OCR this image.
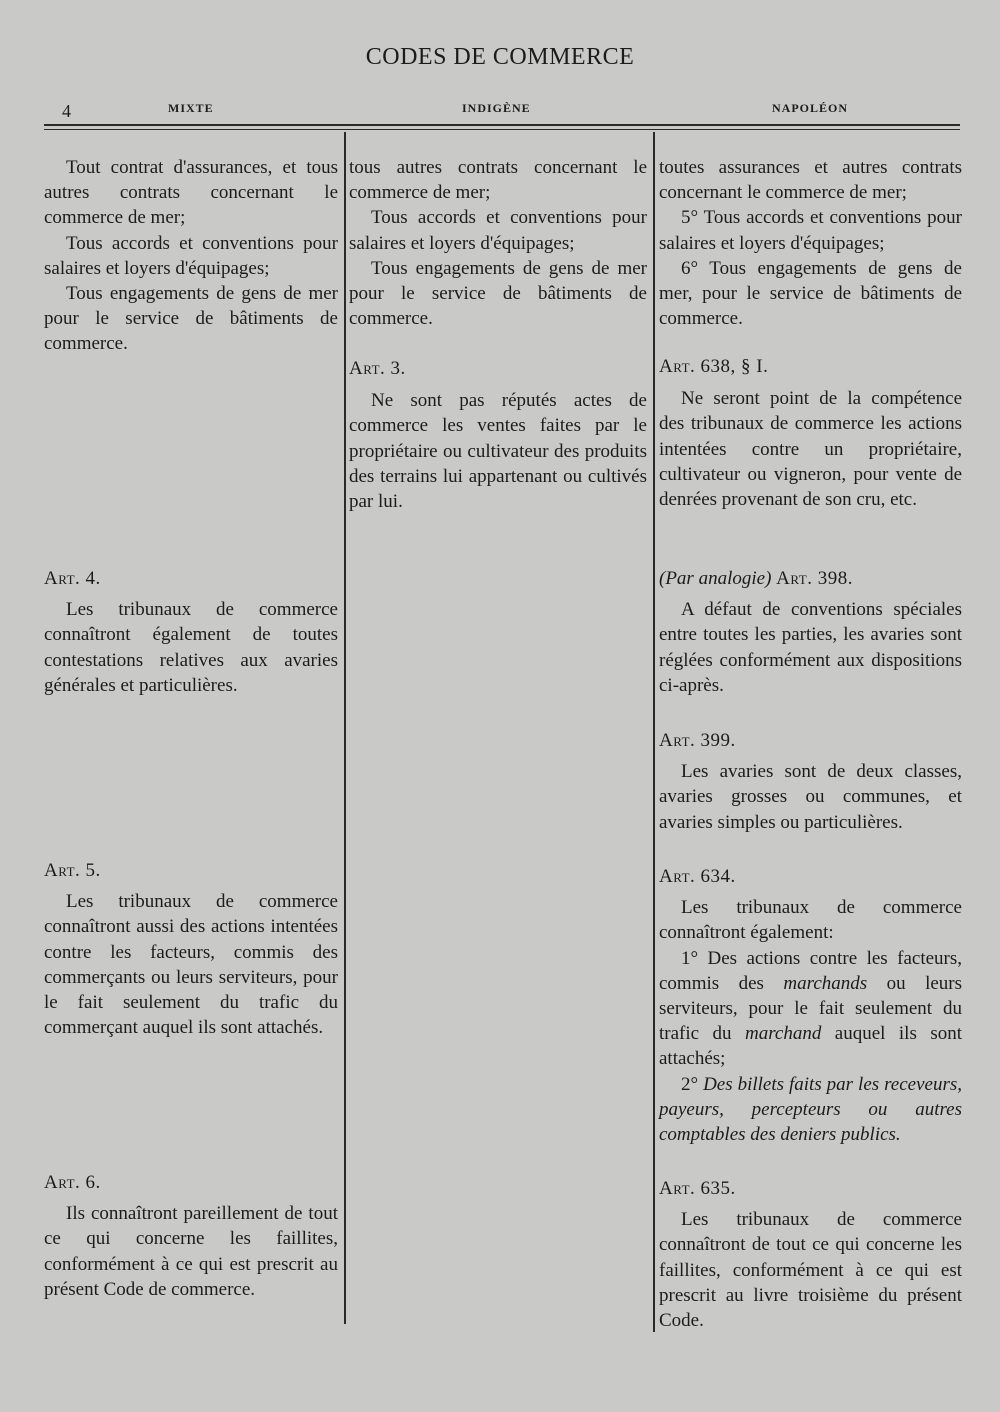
CODES DE COMMERCE
4	MIXTE	INDIGÈNE	NAPOLÉON

Tout contrat d'assurances, et tous autres contrats concernant le commerce de mer;

Tous accords et conventions pour salaires et loyers d'équipages;

Tous engagements de gens de mer pour le service de bâtiments de commerce.

Art. 4.

Les tribunaux de commerce connaîtront également de toutes contestations relatives aux avaries générales et particulières.

Art. 5.

Les tribunaux de commerce connaîtront aussi des actions intentées contre les facteurs, commis des commerçants ou leurs serviteurs, pour le fait seulement du trafic du commerçant auquel ils sont attachés.

Art. 6.

Ils connaîtront pareillement de tout ce qui concerne les faillites, conformément à ce qui est prescrit au présent Code de commerce.

tous autres contrats concernant le commerce de mer;

Tous accords et conventions pour salaires et loyers d'équipages;

Tous engagements de gens de mer pour le service de bâtiments de commerce.

Art. 3.

Ne sont pas réputés actes de commerce les ventes faites par le propriétaire ou cultivateur des produits des terrains lui appartenant ou cultivés par lui.

toutes assurances et autres contrats concernant le commerce de mer;

5° Tous accords et conventions pour salaires et loyers d'équipages;

6° Tous engagements de gens de mer, pour le service de bâtiments de commerce.

Art. 638, § I.

Ne seront point de la compétence des tribunaux de commerce les actions intentées contre un propriétaire, cultivateur ou vigneron, pour vente de denrées provenant de son cru, etc.

(Par analogie) Art. 398.

A défaut de conventions spéciales entre toutes les parties, les avaries sont réglées conformément aux dispositions ci-après.

Art. 399.

Les avaries sont de deux classes, avaries grosses ou communes, et avaries simples ou particulières.

Art. 634.

Les tribunaux de commerce connaîtront également:

1° Des actions contre les facteurs, commis des marchands ou leurs serviteurs, pour le fait seulement du trafic du marchand auquel ils sont attachés;

2° Des billets faits par les receveurs, payeurs, percepteurs ou autres comptables des deniers publics.

Art. 635.

Les tribunaux de commerce connaîtront de tout ce qui concerne les faillites, conformément à ce qui est prescrit au livre troisième du présent Code.
